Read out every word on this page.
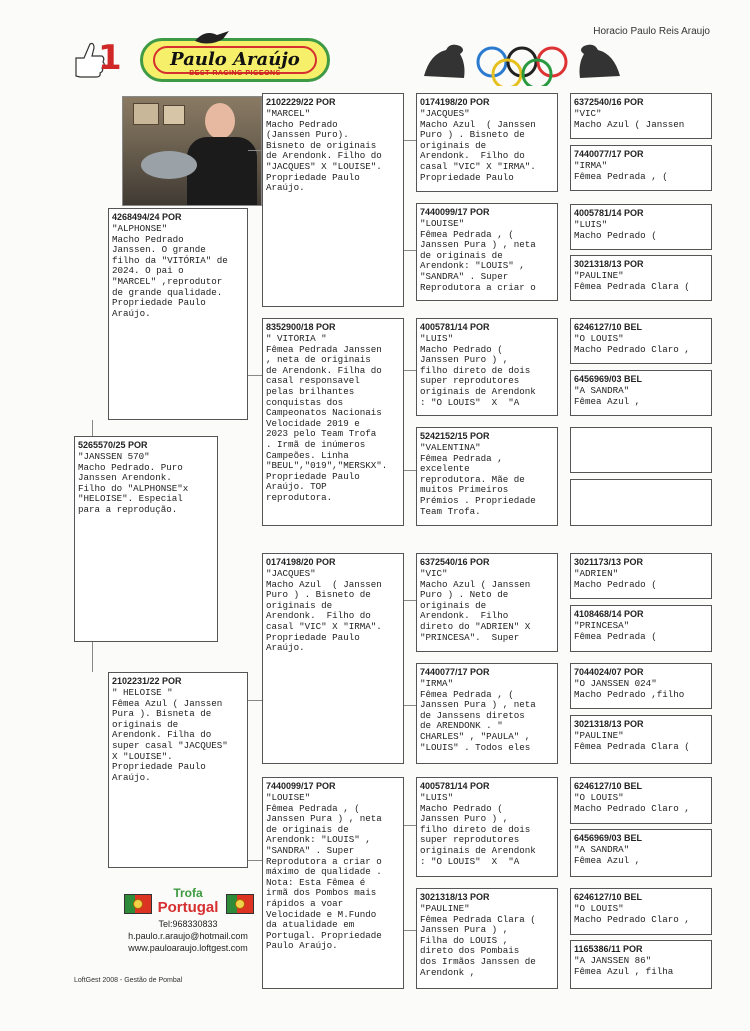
Horacio Paulo Reis Araujo
1	Paulo Araújo
BEST RACING PIGEONS
5265570/25 POR
"JANSSEN 570"
Macho Pedrado. Puro
Janssen Arendonk.
Filho do "ALPHONSE"x
"HELOISE". Especial
para a reprodução.
4268494/24 POR
"ALPHONSE"
Macho Pedrado
Janssen. O grande
filho da "VITÓRIA" de
2024. O pai o
"MARCEL" ,reprodutor
de grande qualidade.
Propriedade Paulo
Araújo.
2102231/22 POR
" HELOISE "
Fêmea Azul ( Janssen
Pura ). Bisneta de
originais de
Arendonk. Filha do
super casal "JACQUES"
X "LOUISE".
Propriedade Paulo
Araújo.
2102229/22 POR
"MARCEL"
Macho Pedrado
(Janssen Puro).
Bisneto de originais
de Arendonk. Filho do
"JACQUES" X "LOUISE".
Propriedade Paulo
Araújo.
8352900/18 POR
" VITÓRIA "
Fêmea Pedrada Janssen
, neta de originais
de Arendonk. Filha do
casal responsavel
pelas brilhantes
conquistas dos
Campeonatos Nacionais
Velocidade 2019 e
2023 pelo Team Trofa
. Irmã de inúmeros
Campeões. Linha
"BEUL","019","MERSKX".
Propriedade Paulo
Araújo. TOP
reprodutora.
0174198/20 POR
"JACQUES"
Macho Azul  ( Janssen
Puro ) . Bisneto de
originais de
Arendonk.  Filho do
casal "VIC" X "IRMA".
Propriedade Paulo
Araújo.
7440099/17 POR
"LOUISE"
Fêmea Pedrada , (
Janssen Pura ) , neta
de originais de
Arendonk: "LOUIS" ,
"SANDRA" . Super
Reprodutora a criar o
máximo de qualidade .
Nota: Esta Fêmea é
irmã dos Pombos mais
rápidos a voar
Velocidade e M.Fundo
da atualidade em
Portugal. Propriedade
Paulo Araújo.
0174198/20 POR
"JACQUES"
Macho Azul  ( Janssen
Puro ) . Bisneto de
originais de
Arendonk.  Filho do
casal "VIC" X "IRMA".
Propriedade Paulo
7440099/17 POR
"LOUISE"
Fêmea Pedrada , (
Janssen Pura ) , neta
de originais de
Arendonk: "LOUIS" ,
"SANDRA" . Super
Reprodutora a criar o
4005781/14 POR
"LUIS"
Macho Pedrado (
Janssen Puro ) ,
filho direto de dois
super reprodutores
originais de Arendonk
: "O LOUIS"  X  "A
5242152/15 POR
"VALENTINA"
Fêmea Pedrada ,
excelente
reprodutora. Mãe de
muitos Primeiros
Prémios . Propriedade
Team Trofa.
6372540/16 POR
"VIC"
Macho Azul ( Janssen
Puro ) . Neto de
originais de
Arendonk.  Filho
direto do "ADRIEN" X
"PRINCESA".  Super
7440077/17 POR
"IRMA"
Fêmea Pedrada , (
Janssen Pura ) , neta
de Janssens diretos
de ARENDONK . "
CHARLES" , "PAULA" ,
"LOUIS" . Todos eles
4005781/14 POR
"LUIS"
Macho Pedrado (
Janssen Puro ) ,
filho direto de dois
super reprodutores
originais de Arendonk
: "O LOUIS"  X  "A
3021318/13 POR
"PAULINE"
Fêmea Pedrada Clara (
Janssen Pura ) ,
Filha do LOUIS ,
direto dos Pombais
dos Irmãos Janssen de
Arendonk ,
6372540/16 POR
"VIC"
Macho Azul ( Janssen
7440077/17 POR
"IRMA"
Fêmea Pedrada , (
4005781/14 POR
"LUIS"
Macho Pedrado (
3021318/13 POR
"PAULINE"
Fêmea Pedrada Clara (
6246127/10 BEL
"O LOUIS"
Macho Pedrado Claro ,
6456969/03 BEL
"A SANDRA"
Fêmea Azul ,
3021173/13 POR
"ADRIEN"
Macho Pedrado (
4108468/14 POR
"PRINCESA"
Fêmea Pedrada (
7044024/07 POR
"O JANSSEN 024"
Macho Pedrado ,filho
3021318/13 POR
"PAULINE"
Fêmea Pedrada Clara (
6246127/10 BEL
"O LOUIS"
Macho Pedrado Claro ,
6456969/03 BEL
"A SANDRA"
Fêmea Azul ,
6246127/10 BEL
"O LOUIS"
Macho Pedrado Claro ,
1165386/11 POR
"A JANSSEN 86"
Fêmea Azul , filha
Trofa
Portugal
Tel:968330833
h.paulo.r.araujo@hotmail.com
www.pauloaraujo.loftgest.com
LoftGest 2008 - Gestão de Pombal
